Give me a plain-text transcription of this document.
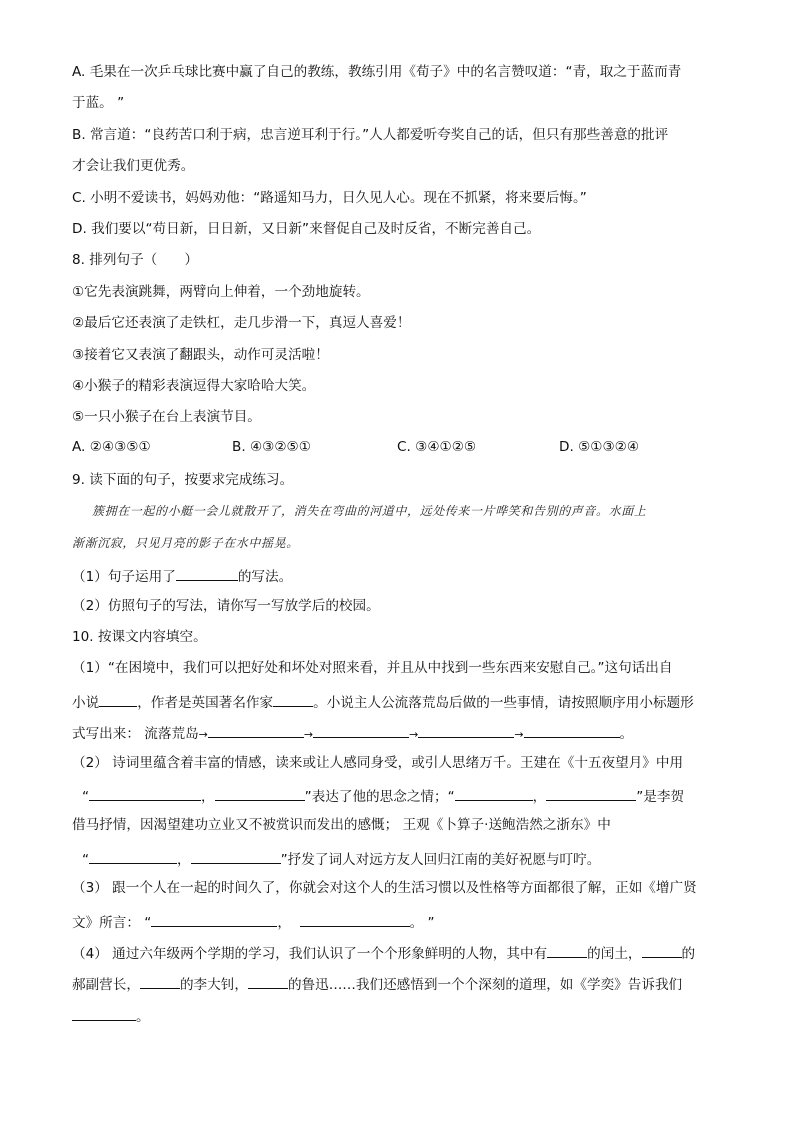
A. 毛果在一次乒乓球比赛中赢了自己的教练，教练引用《荀子》中的名言赞叹道：“青，取之于蓝而青
于蓝。 ”
B. 常言道：“良药苦口利于病，忠言逆耳利于行。”人人都爱听夸奖自己的话，但只有那些善意的批评
才会让我们更优秀。
C. 小明不爱读书，妈妈劝他：“路遥知马力，日久见人心。现在不抓紧，将来要后悔。”
D. 我们要以“苟日新，日日新，又日新”来督促自己及时反省，不断完善自己。
8. 排列句子（　　）
①它先表演跳舞，两臂向上伸着，一个劲地旋转。
②最后它还表演了走铁杠，走几步滑一下，真逗人喜爱！
③接着它又表演了翻跟头，动作可灵活啦！
④小猴子的精彩表演逗得大家哈哈大笑。
⑤一只小猴子在台上表演节目。
A. ②④③⑤①	B. ④③②⑤①	C. ③④①②⑤	D. ⑤①③②④
9. 读下面的句子，按要求完成练习。
簇拥在一起的小艇一会儿就散开了，消失在弯曲的河道中，远处传来一片哗笑和告别的声音。水面上
渐渐沉寂，只见月亮的影子在水中摇晃。
（1）句子运用了	的写法。
（2）仿照句子的写法，请你写一写放学后的校园。
10. 按课文内容填空。
（1）“在困境中，我们可以把好处和坏处对照来看，并且从中找到一些东西来安慰自己。”这句话出自
小说	，作者是英国著名作家	。小说主人公流落荒岛后做的一些事情，请按照顺序用小标题形
式写出来： 流落荒岛→	→	→	→	。
（2） 诗词里蕴含着丰富的情感，读来或让人感同身受，或引人思绪万千。王建在《十五夜望月》中用
“	，	”表达了他的思念之情；“	，	”是李贺
借马抒情，因渴望建功立业又不被赏识而发出的感慨； 王观《卜算子·送鲍浩然之浙东》中
“	，	”抒发了词人对远方友人回归江南的美好祝愿与叮咛。
（3） 跟一个人在一起的时间久了，你就会对这个人的生活习惯以及性格等方面都很了解，正如《增广贤
文》所言： “	，	。 ”
（4） 通过六年级两个学期的学习，我们认识了一个个形象鲜明的人物，其中有	的闰土，	的
郝副营长，	的李大钊，	的鲁迅……我们还感悟到一个个深刻的道理，如《学奕》告诉我们
。
